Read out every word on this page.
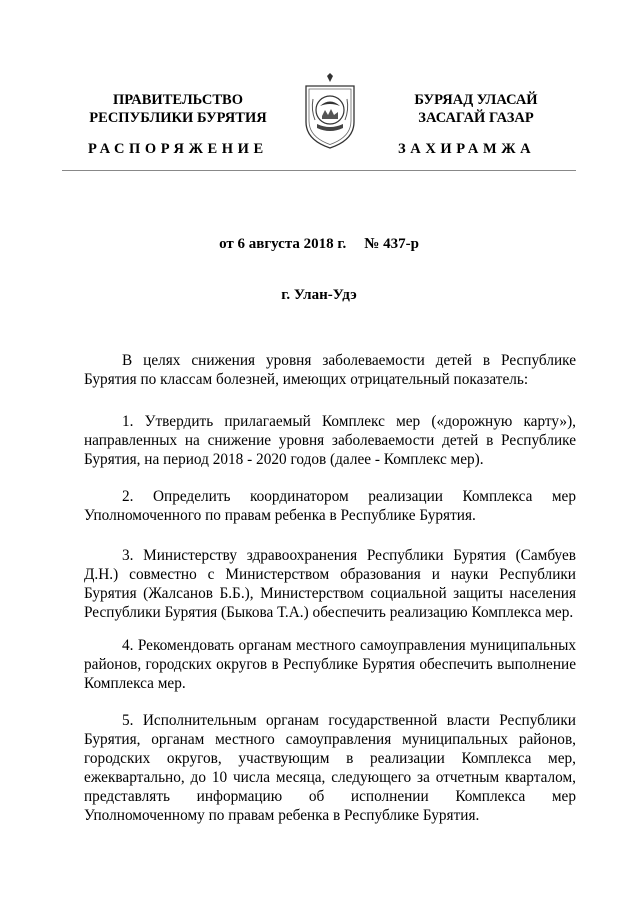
ПРАВИТЕЛЬСТВО
РЕСПУБЛИКИ БУРЯТИЯ
БУРЯАД УЛАСАЙ
ЗАСАГАЙ ГАЗАР
РАСПОРЯЖЕНИЕ	ЗАХИРАМЖА
от 6 августа 2018 г. № 437-р
г. Улан-Удэ

В целях снижения уровня заболеваемости детей в Республике Бурятия по классам болезней, имеющих отрицательный показатель:

1. Утвердить прилагаемый Комплекс мер («дорожную карту»), направленных на снижение уровня заболеваемости детей в Республике Бурятия, на период 2018 - 2020 годов (далее - Комплекс мер).

2. Определить координатором реализации Комплекса мер Уполномоченного по правам ребенка в Республике Бурятия.

3. Министерству здравоохранения Республики Бурятия (Самбуев Д.Н.) совместно с Министерством образования и науки Республики Бурятия (Жалсанов Б.Б.), Министерством социальной защиты населения Республики Бурятия (Быкова Т.А.) обеспечить реализацию Комплекса мер.

4. Рекомендовать органам местного самоуправления муниципальных районов, городских округов в Республике Бурятия обеспечить выполнение Комплекса мер.

5. Исполнительным органам государственной власти Республики Бурятия, органам местного самоуправления муниципальных районов, городских округов, участвующим в реализации Комплекса мер, ежеквартально, до 10 числа месяца, следующего за отчетным кварталом, представлять информацию об исполнении Комплекса мер Уполномоченному по правам ребенка в Республике Бурятия.
